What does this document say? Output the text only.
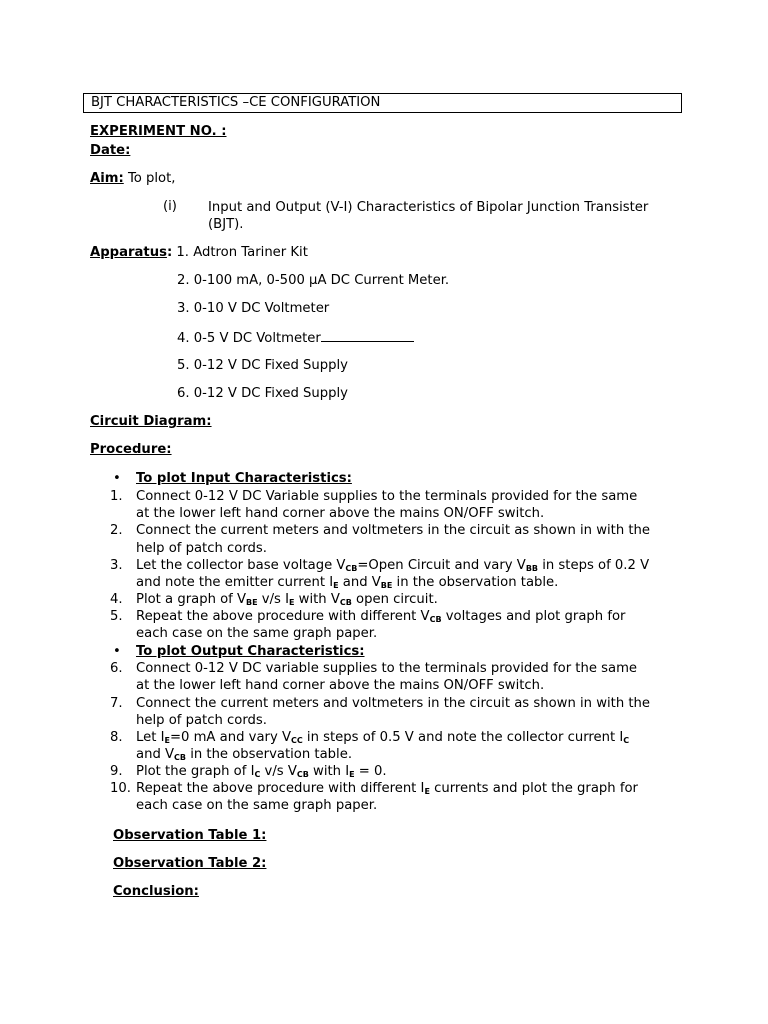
BJT CHARACTERISTICS –CE CONFIGURATION
EXPERIMENT NO. :
Date:
Aim: To plot,
(i) Input and Output (V-I) Characteristics of Bipolar Junction Transister (BJT).
Apparatus: 1. Adtron Tariner Kit
2. 0-100 mA, 0-500 µA DC Current Meter.
3. 0-10 V DC Voltmeter
4. 0-5 V DC Voltmeter
5. 0-12 V DC Fixed Supply
6. 0-12 V DC Fixed Supply
Circuit Diagram:
Procedure:
• To plot Input Characteristics:
1.	Connect 0-12 V DC Variable supplies to the terminals provided for the same
at the lower left hand corner above the mains ON/OFF switch.
2.	Connect the current meters and voltmeters in the circuit as shown in with the
help of patch cords.
3.	Let the collector base voltage $V_{CB}=Open$ Circuit and vary $V_{BB}$ in steps of 0.2 V
and note the emitter current $I_E$ and $V_{BE}$ in the observation table.
4.	Plot a graph of $V_{BE}$ v/s $I_E$ with $V_{CB}$ open circuit.
5.	Repeat the above procedure with different $V_{CB}$ voltages and plot graph for
each case on the same graph paper.
• To plot Output Characteristics:
6.	Connect 0-12 V DC variable supplies to the terminals provided for the same
at the lower left hand corner above the mains ON/OFF switch.
7.	Connect the current meters and voltmeters in the circuit as shown in with the
help of patch cords.
8.	Let $I_E=0$ mA and vary $V_{CC}$ in steps of 0.5 V and note the collector current $I_C$
and $V_{CB}$ in the observation table.
9.	Plot the graph of $I_C$ v/s $V_{CB}$ with $I_E = 0$.
10. Repeat the above procedure with different $I_E$ currents and plot the graph for
each case on the same graph paper.
Observation Table 1:
Observation Table 2:
Conclusion:
